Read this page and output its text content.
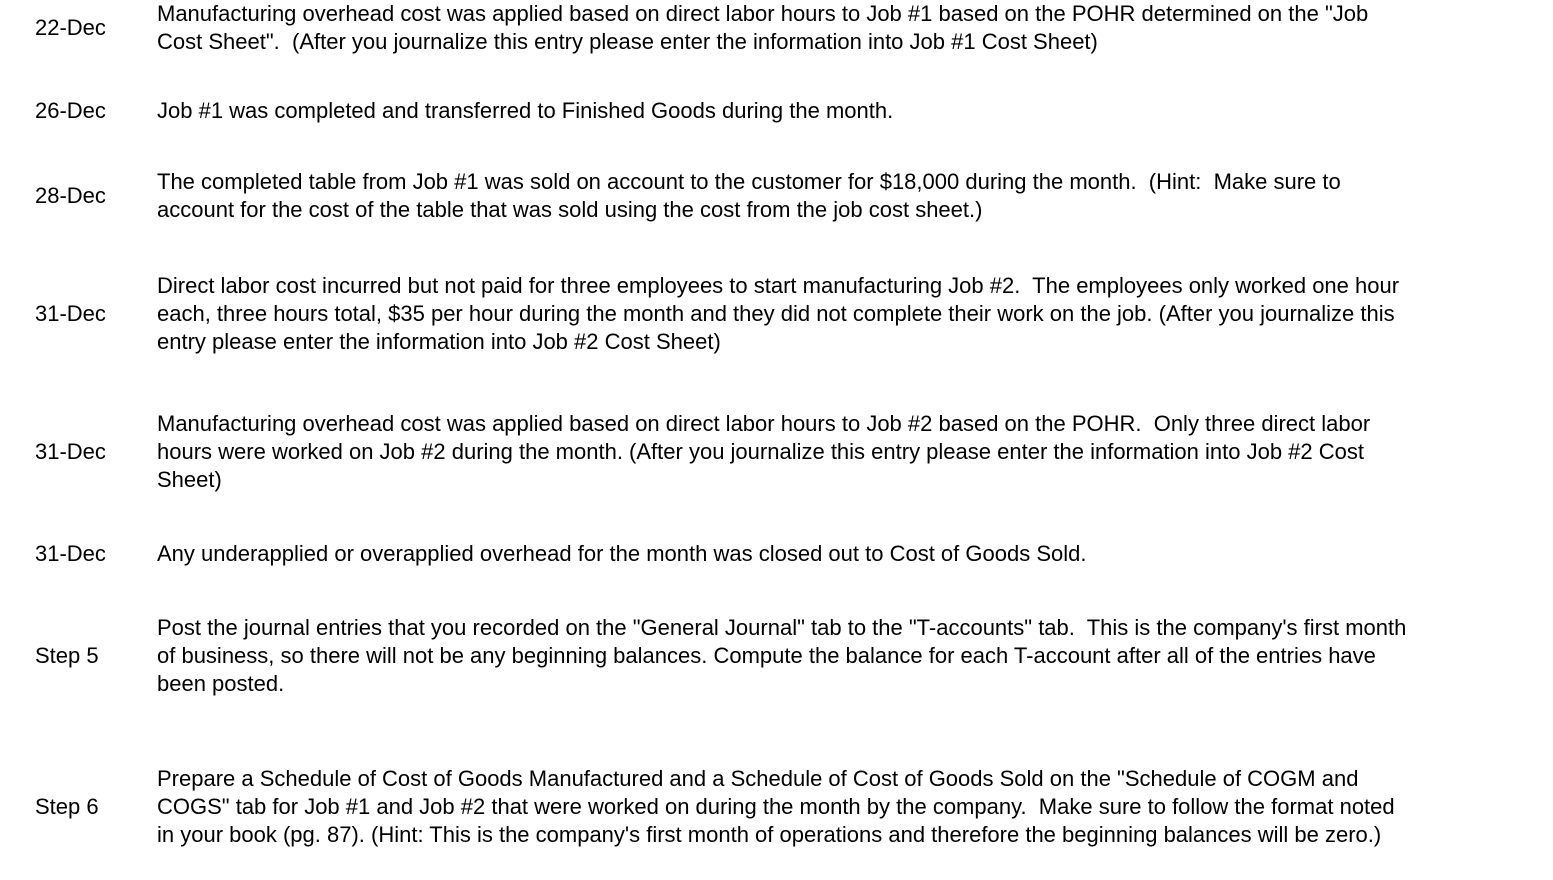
22-Dec
Manufacturing overhead cost was applied based on direct labor hours to Job #1 based on the POHR determined on the "Job
Cost Sheet".  (After you journalize this entry please enter the information into Job #1 Cost Sheet)
26-Dec Job #1 was completed and transferred to Finished Goods during the month.
28-Dec
The completed table from Job #1 was sold on account to the customer for $18,000 during the month.  (Hint:  Make sure to
account for the cost of the table that was sold using the cost from the job cost sheet.)
31-Dec
Direct labor cost incurred but not paid for three employees to start manufacturing Job #2.  The employees only worked one hour
each, three hours total, $35 per hour during the month and they did not complete their work on the job. (After you journalize this
entry please enter the information into Job #2 Cost Sheet)
31-Dec
Manufacturing overhead cost was applied based on direct labor hours to Job #2 based on the POHR.  Only three direct labor
hours were worked on Job #2 during the month. (After you journalize this entry please enter the information into Job #2 Cost
Sheet)
31-Dec Any underapplied or overapplied overhead for the month was closed out to Cost of Goods Sold.
Step 5
Post the journal entries that you recorded on the "General Journal" tab to the "T-accounts" tab.  This is the company's first month
of business, so there will not be any beginning balances. Compute the balance for each T-account after all of the entries have
been posted.
Step 6
Prepare a Schedule of Cost of Goods Manufactured and a Schedule of Cost of Goods Sold on the "Schedule of COGM and
COGS" tab for Job #1 and Job #2 that were worked on during the month by the company.  Make sure to follow the format noted
in your book (pg. 87). (Hint: This is the company's first month of operations and therefore the beginning balances will be zero.)
